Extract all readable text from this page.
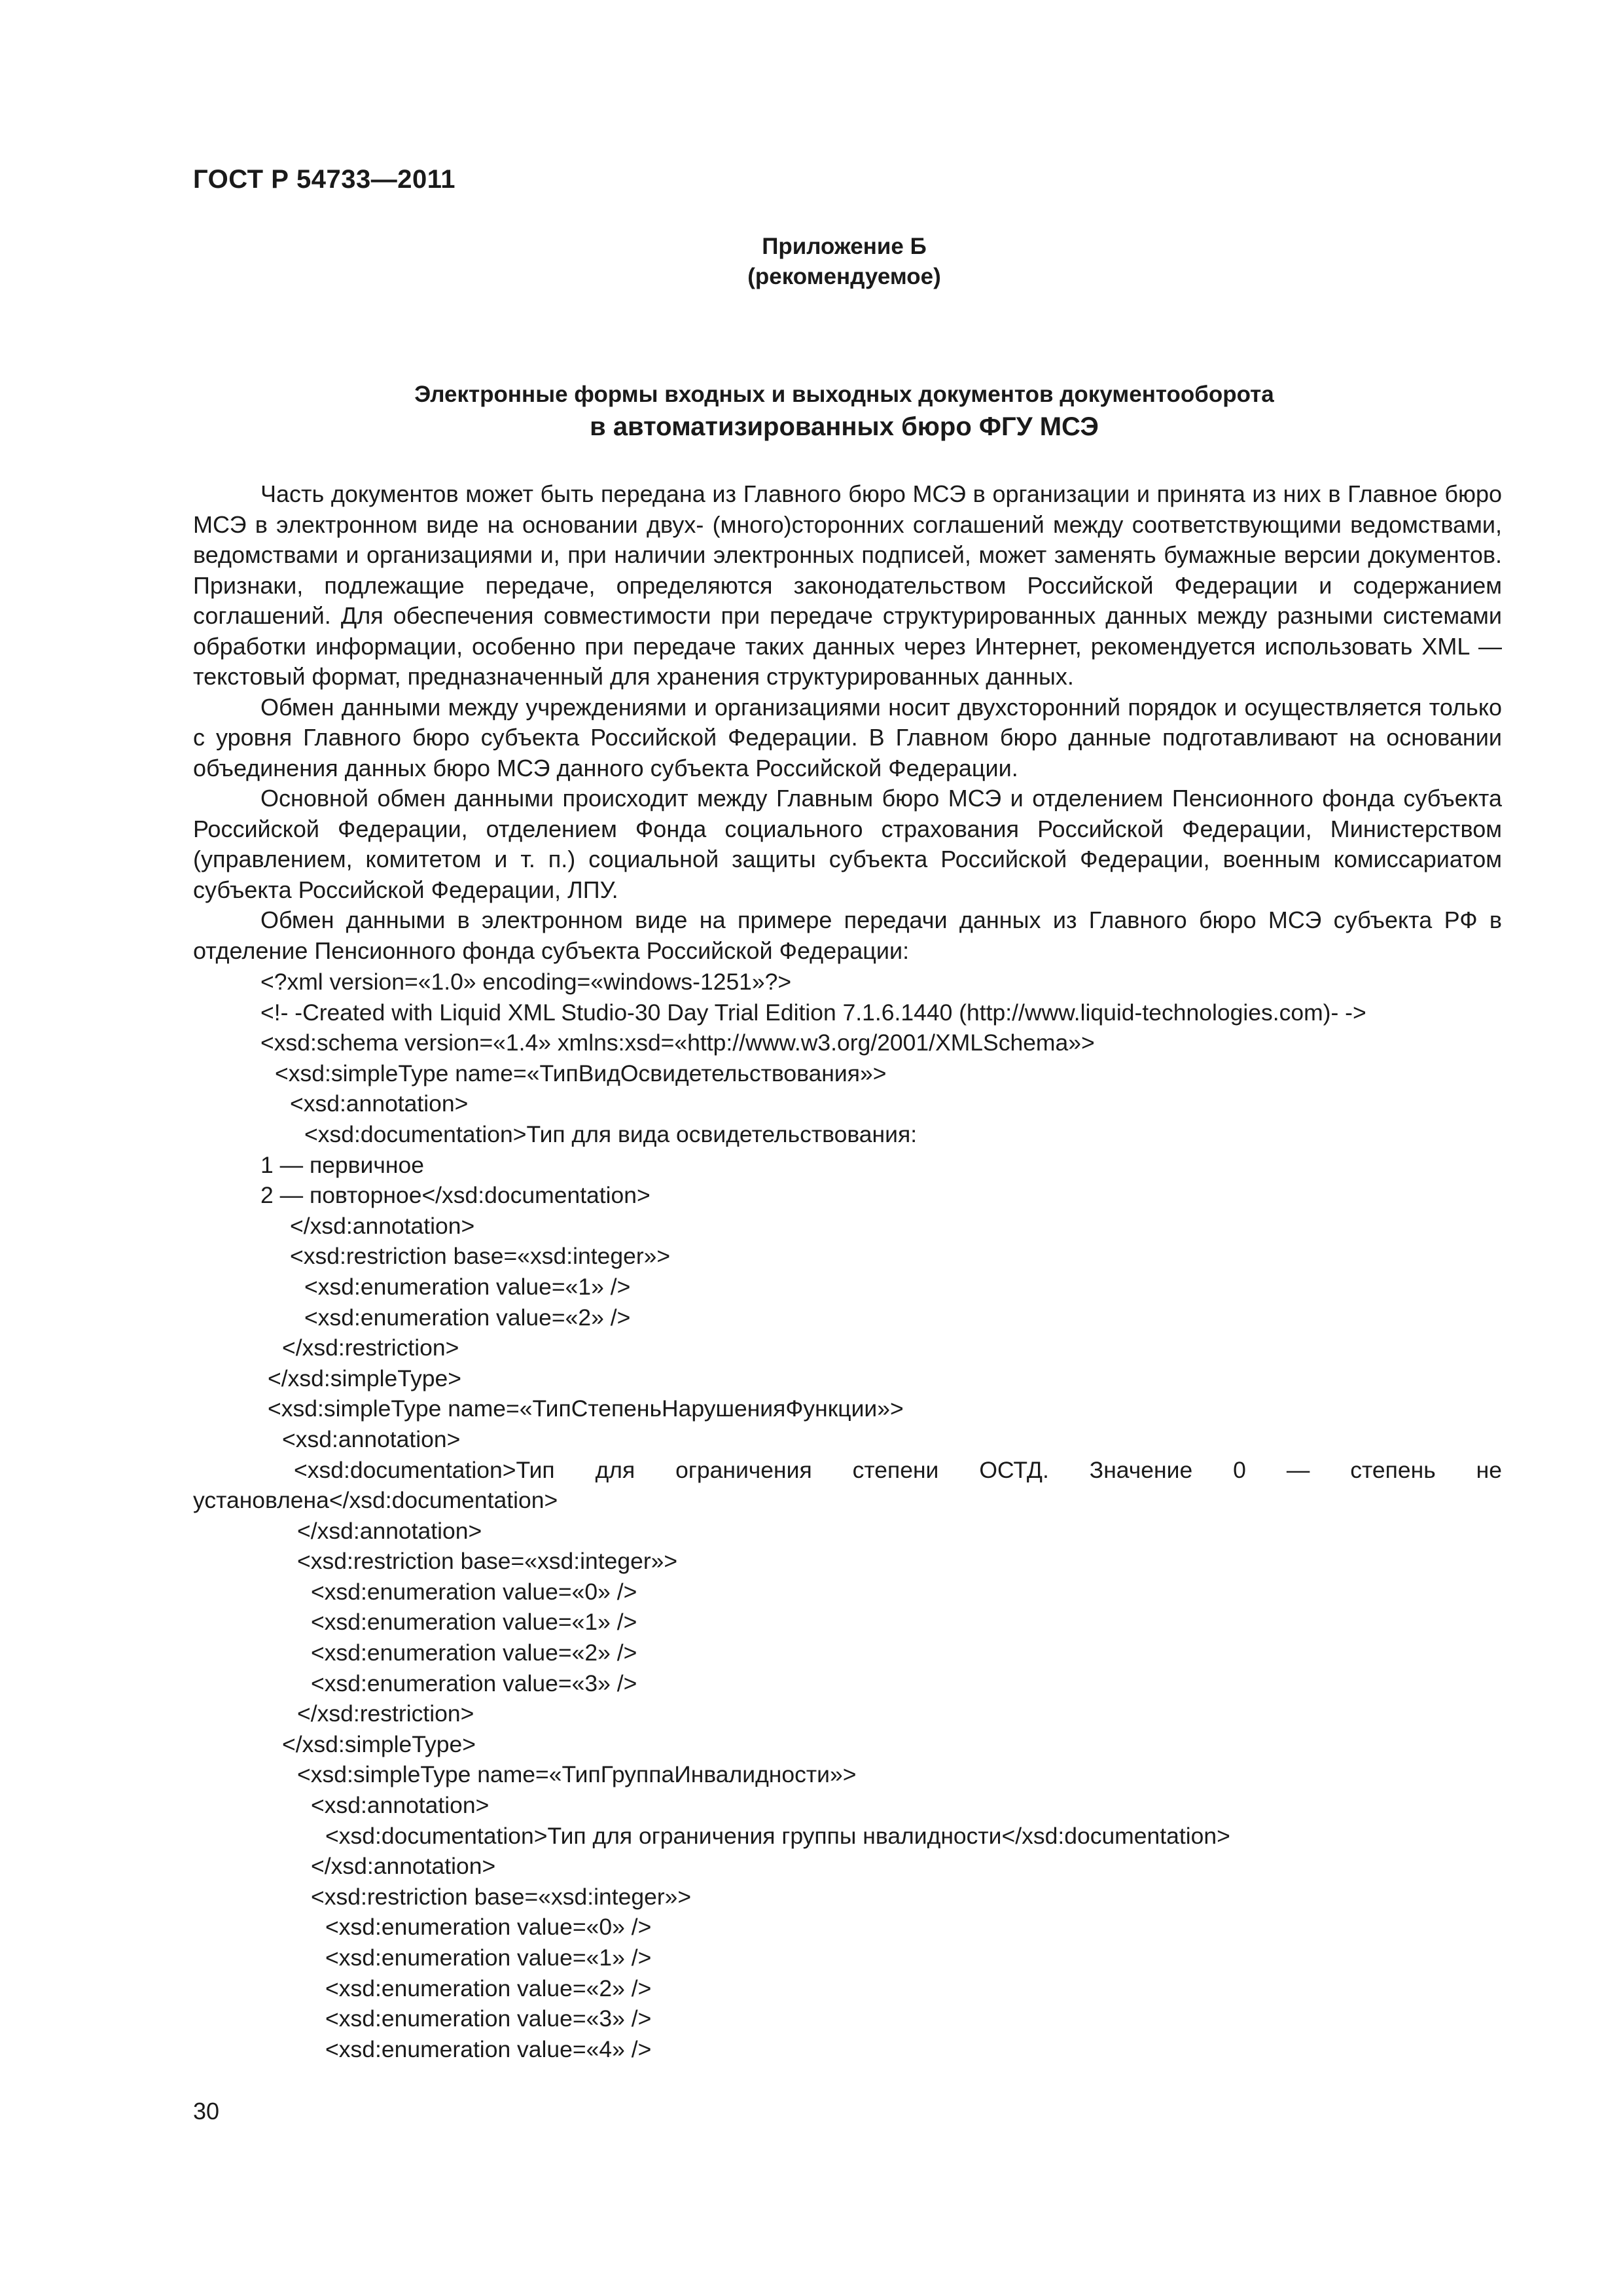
ГОСТ Р 54733—2011
Приложение Б
(рекомендуемое)
Электронные формы входных и выходных документов документооборота
в автоматизированных бюро ФГУ МСЭ

Часть документов может быть передана из Главного бюро МСЭ в организации и принята из них в Главное бюро МСЭ в электронном виде на основании двух- (много)сторонних соглашений между соответствующими ведомствами, ведомствами и организациями и, при наличии электронных подписей, может заменять бумажные версии документов. Признаки, подлежащие передаче, определяются законодательством Российской Федерации и содержанием соглашений. Для обеспечения совместимости при передаче структурированных данных между разными системами обработки информации, особенно при передаче таких данных через Интернет, рекомендуется использовать XML — текстовый формат, предназначенный для хранения структурированных данных.

Обмен данными между учреждениями и организациями носит двухсторонний порядок и осуществляется только с уровня Главного бюро субъекта Российской Федерации. В Главном бюро данные подготавливают на основании объединения данных бюро МСЭ данного субъекта Российской Федерации.

Основной обмен данными происходит между Главным бюро МСЭ и отделением Пенсионного фонда субъекта Российской Федерации, отделением Фонда социального страхования Российской Федерации, Министерством (управлением, комитетом и т. п.) социальной защиты субъекта Российской Федерации, военным комиссариатом субъекта Российской Федерации, ЛПУ.

Обмен данными в электронном виде на примере передачи данных из Главного бюро МСЭ субъекта РФ в отделение Пенсионного фонда субъекта Российской Федерации:

<?xml version=«1.0» encoding=«windows-1251»?>
<!- -Created with Liquid XML Studio-30 Day Trial Edition 7.1.6.1440 (http://www.liquid-technologies.com)- ->
<xsd:schema version=«1.4» xmlns:xsd=«http://www.w3.org/2001/XMLSchema»>
<xsd:simpleType name=«ТипВидОсвидетельствования»>
<xsd:annotation>
<xsd:documentation>Тип для вида освидетельствования:
1 — первичное
2 — повторное</xsd:documentation>
</xsd:annotation>
<xsd:restriction base=«xsd:integer»>
<xsd:enumeration value=«1» />
<xsd:enumeration value=«2» />
</xsd:restriction>
</xsd:simpleType>
<xsd:simpleType name=«ТипСтепеньНарушенияФункции»>
<xsd:annotation>
<xsd:documentation>Тип для ограничения степени ОСТД. Значение 0 — степень не установлена</xsd:documentation>
</xsd:annotation>
<xsd:restriction base=«xsd:integer»>
<xsd:enumeration value=«0» />
<xsd:enumeration value=«1» />
<xsd:enumeration value=«2» />
<xsd:enumeration value=«3» />
</xsd:restriction>
</xsd:simpleType>
<xsd:simpleType name=«ТипГруппаИнвалидности»>
<xsd:annotation>
<xsd:documentation>Тип для ограничения группы нвалидности</xsd:documentation>
</xsd:annotation>
<xsd:restriction base=«xsd:integer»>
<xsd:enumeration value=«0» />
<xsd:enumeration value=«1» />
<xsd:enumeration value=«2» />
<xsd:enumeration value=«3» />
<xsd:enumeration value=«4» />
30
